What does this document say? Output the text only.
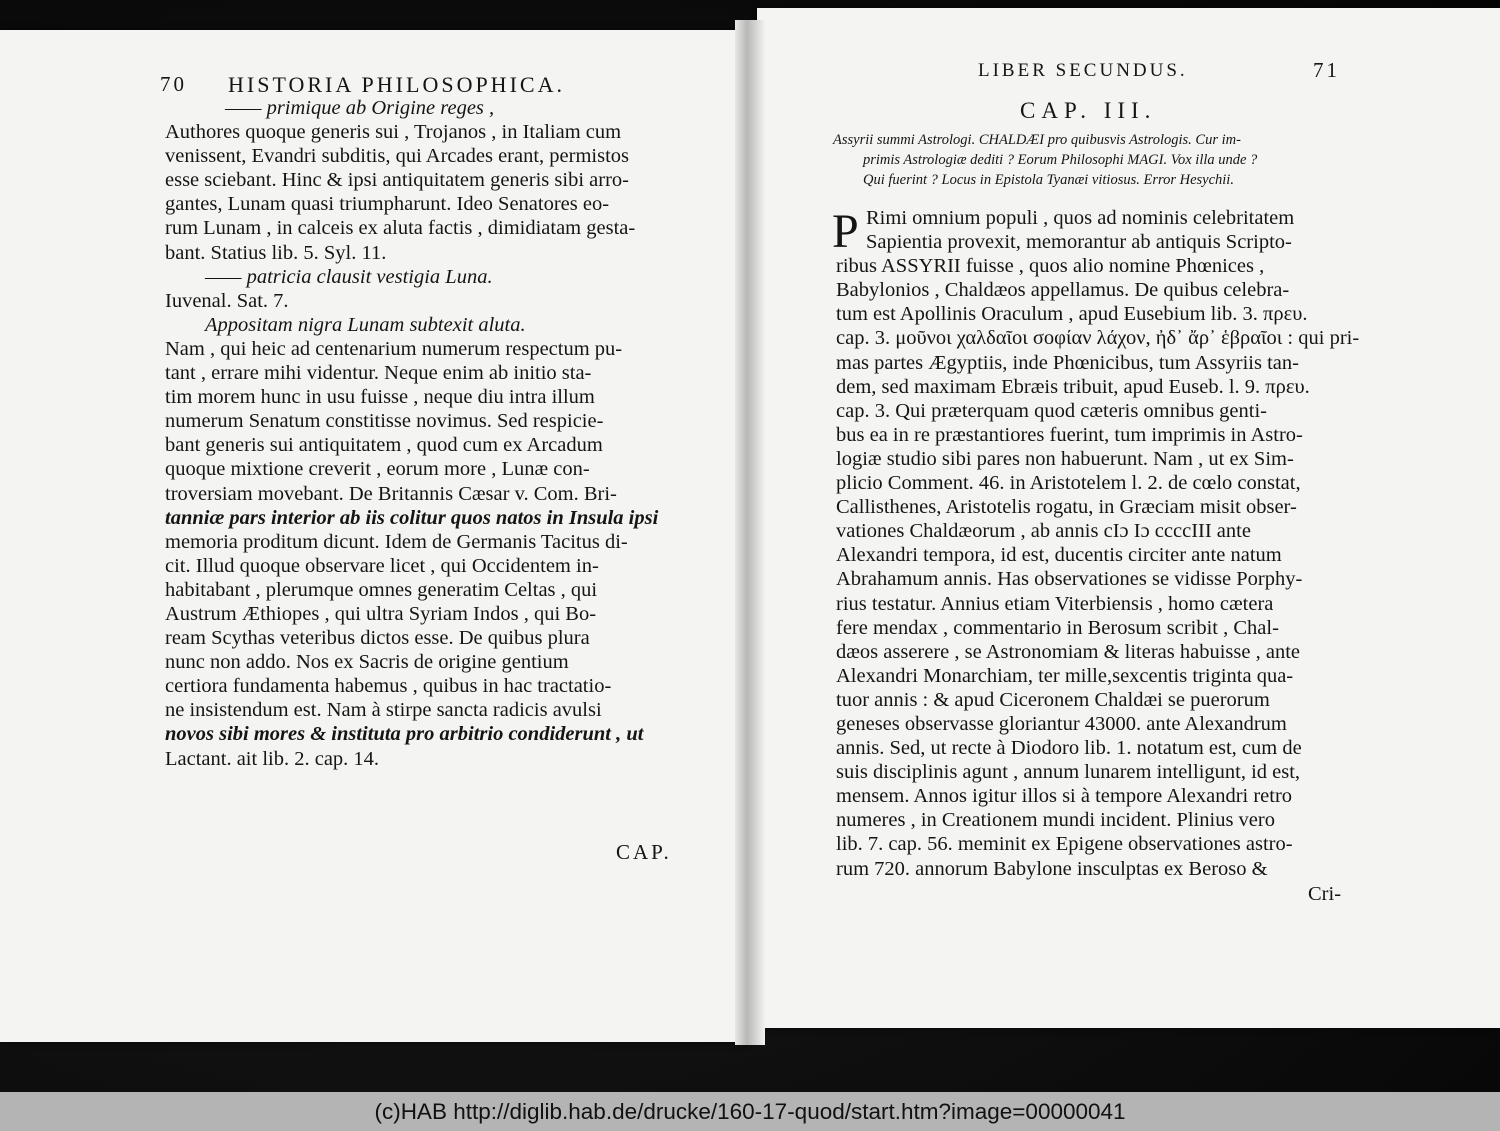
70 HISTORIA PHILOSOPHICA.
—— primique ab Origine reges ,
Authores quoque generis sui , Trojanos , in Italiam cum
venissent, Evandri subditis, qui Arcades erant, permistos
esse sciebant. Hinc & ipsi antiquitatem generis sibi arro-
gantes, Lunam quasi triumpharunt. Ideo Senatores eo-
rum Lunam , in calceis ex aluta factis , dimidiatam gesta-
bant. Statius lib. 5. Syl. 11.
—— patricia clausit vestigia Luna.
Iuvenal. Sat. 7.
Appositam nigra Lunam subtexit aluta.
Nam , qui heic ad centenarium numerum respectum pu-
tant , errare mihi videntur. Neque enim ab initio sta-
tim morem hunc in usu fuisse , neque diu intra illum
numerum Senatum constitisse novimus. Sed respicie-
bant generis sui antiquitatem , quod cum ex Arcadum
quoque mixtione creverit , eorum more , Lunæ con-
troversiam movebant. De Britannis Cæsar v. Com. Bri-
tanniæ pars interior ab iis colitur quos natos in Insula ipsi
memoria proditum dicunt. Idem de Germanis Tacitus di-
cit. Illud quoque observare licet , qui Occidentem in-
habitabant , plerumque omnes generatim Celtas , qui
Austrum Æthiopes , qui ultra Syriam Indos , qui Bo-
ream Scythas veteribus dictos esse. De quibus plura
nunc non addo. Nos ex Sacris de origine gentium
certiora fundamenta habemus , quibus in hac tractatio-
ne insistendum est. Nam à stirpe sancta radicis avulsi
novos sibi mores & instituta pro arbitrio condiderunt , ut
Lactant. ait lib. 2. cap. 14.
CAP.
LIBER SECUNDUS.	71
CAP. III.
Assyrii summi Astrologi. CHALDÆI pro quibusvis Astrologis. Cur im-
primis Astrologiæ dediti ? Eorum Philosophi MAGI. Vox illa unde ?
Qui fuerint ? Locus in Epistola Tyanæi vitiosus. Error Hesychii.
P Rimi omnium populi , quos ad nominis celebritatem
Sapientia provexit, memorantur ab antiquis Scripto-
ribus ASSYRII fuisse , quos alio nomine Phœnices ,
Babylonios , Chaldæos appellamus. De quibus celebra-
tum est Apollinis Oraculum , apud Eusebium lib. 3. πρευ.
cap. 3. μοῦνοι χαλδαῖοι σοφίαν λάχον, ἠδ᾽ ἄρ᾽ ἑβραῖοι : qui pri-
mas partes Ægyptiis, inde Phœnicibus, tum Assyriis tan-
dem, sed maximam Ebræis tribuit, apud Euseb. l. 9. πρευ.
cap. 3. Qui præterquam quod cæteris omnibus genti-
bus ea in re præstantiores fuerint, tum imprimis in Astro-
logiæ studio sibi pares non habuerunt. Nam , ut ex Sim-
plicio Comment. 46. in Aristotelem l. 2. de cœlo constat,
Callisthenes, Aristotelis rogatu, in Græciam misit obser-
vationes Chaldæorum , ab annis cIɔ Iɔ ccccIII ante
Alexandri tempora, id est, ducentis circiter ante natum
Abrahamum annis. Has observationes se vidisse Porphy-
rius testatur. Annius etiam Viterbiensis , homo cætera
fere mendax , commentario in Berosum scribit , Chal-
dæos asserere , se Astronomiam & literas habuisse , ante
Alexandri Monarchiam, ter mille,sexcentis triginta qua-
tuor annis : & apud Ciceronem Chaldæi se puerorum
geneses observasse gloriantur 43000. ante Alexandrum
annis. Sed, ut recte à Diodoro lib. 1. notatum est, cum de
suis disciplinis agunt , annum lunarem intelligunt, id est,
mensem. Annos igitur illos si à tempore Alexandri retro
numeres , in Creationem mundi incident. Plinius vero
lib. 7. cap. 56. meminit ex Epigene observationes astro-
rum 720. annorum Babylone insculptas ex Beroso &
Cri-
(c)HAB http://diglib.hab.de/drucke/160-17-quod/start.htm?image=00000041
